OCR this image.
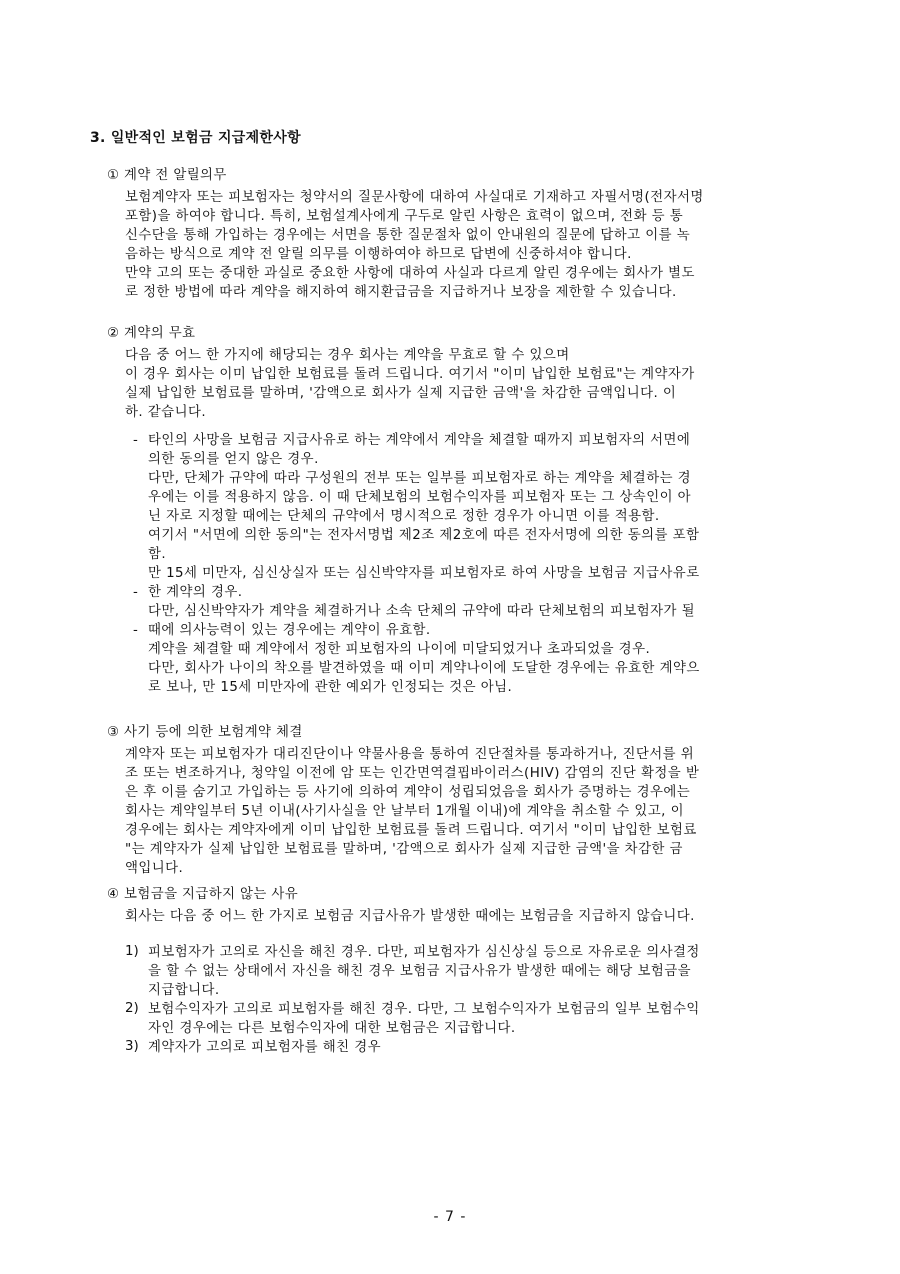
3. 일반적인 보험금 지급제한사항

① 계약 전 알릴의무

보험계약자 또는 피보험자는 청약서의 질문사항에 대하여 사실대로 기재하고 자필서명(전자서명

포함)을 하여야 합니다. 특히, 보험설계사에게 구두로 알린 사항은 효력이 없으며, 전화 등 통

신수단을 통해 가입하는 경우에는 서면을 통한 질문절차 없이 안내원의 질문에 답하고 이를 녹

음하는 방식으로 계약 전 알릴 의무를 이행하여야 하므로 답변에 신중하셔야 합니다.

만약 고의 또는 중대한 과실로 중요한 사항에 대하여 사실과 다르게 알린 경우에는 회사가 별도

로 정한 방법에 따라 계약을 해지하여 해지환급금을 지급하거나 보장을 제한할 수 있습니다.

② 계약의 무효

다음 중 어느 한 가지에 해당되는 경우 회사는 계약을 무효로 할 수 있으며

이 경우 회사는 이미 납입한 보험료를 돌려 드립니다. 여기서 "이미 납입한 보험료"는 계약자가

실제 납입한 보험료를 말하며, '감액으로 회사가 실제 지급한 금액'을 차감한 금액입니다. 이

하. 같습니다.

- 타인의 사망을 보험금 지급사유로 하는 계약에서 계약을 체결할 때까지 피보험자의 서면에

의한 동의를 얻지 않은 경우.

다만, 단체가 규약에 따라 구성원의 전부 또는 일부를 피보험자로 하는 계약을 체결하는 경

우에는 이를 적용하지 않음. 이 때 단체보험의 보험수익자를 피보험자 또는 그 상속인이 아

닌 자로 지정할 때에는 단체의 규약에서 명시적으로 정한 경우가 아니면 이를 적용함.

여기서 "서면에 의한 동의"는 전자서명법 제2조 제2호에 따른 전자서명에 의한 동의를 포함

함.

만 15세 미만자, 심신상실자 또는 심신박약자를 피보험자로 하여 사망을 보험금 지급사유로

- 한 계약의 경우.

다만, 심신박약자가 계약을 체결하거나 소속 단체의 규약에 따라 단체보험의 피보험자가 될

- 때에 의사능력이 있는 경우에는 계약이 유효함.

계약을 체결할 때 계약에서 정한 피보험자의 나이에 미달되었거나 초과되었을 경우.

다만, 회사가 나이의 착오를 발견하였을 때 이미 계약나이에 도달한 경우에는 유효한 계약으

로 보나, 만 15세 미만자에 관한 예외가 인정되는 것은 아님.

③ 사기 등에 의한 보험계약 체결

계약자 또는 피보험자가 대리진단이나 약물사용을 통하여 진단절차를 통과하거나, 진단서를 위

조 또는 변조하거나, 청약일 이전에 암 또는 인간면역결핍바이러스(HIV) 감염의 진단 확정을 받

은 후 이를 숨기고 가입하는 등 사기에 의하여 계약이 성립되었음을 회사가 증명하는 경우에는

회사는 계약일부터 5년 이내(사기사실을 안 날부터 1개월 이내)에 계약을 취소할 수 있고, 이

경우에는 회사는 계약자에게 이미 납입한 보험료를 돌려 드립니다. 여기서 "이미 납입한 보험료

"는 계약자가 실제 납입한 보험료를 말하며, '감액으로 회사가 실제 지급한 금액'을 차감한 금

액입니다.

④ 보험금을 지급하지 않는 사유

회사는 다음 중 어느 한 가지로 보험금 지급사유가 발생한 때에는 보험금을 지급하지 않습니다.

1) 피보험자가 고의로 자신을 해친 경우. 다만, 피보험자가 심신상실 등으로 자유로운 의사결정

을 할 수 없는 상태에서 자신을 해친 경우 보험금 지급사유가 발생한 때에는 해당 보험금을

지급합니다.

2) 보험수익자가 고의로 피보험자를 해친 경우. 다만, 그 보험수익자가 보험금의 일부 보험수익

자인 경우에는 다른 보험수익자에 대한 보험금은 지급합니다.

3) 계약자가 고의로 피보험자를 해친 경우

- 7 -
